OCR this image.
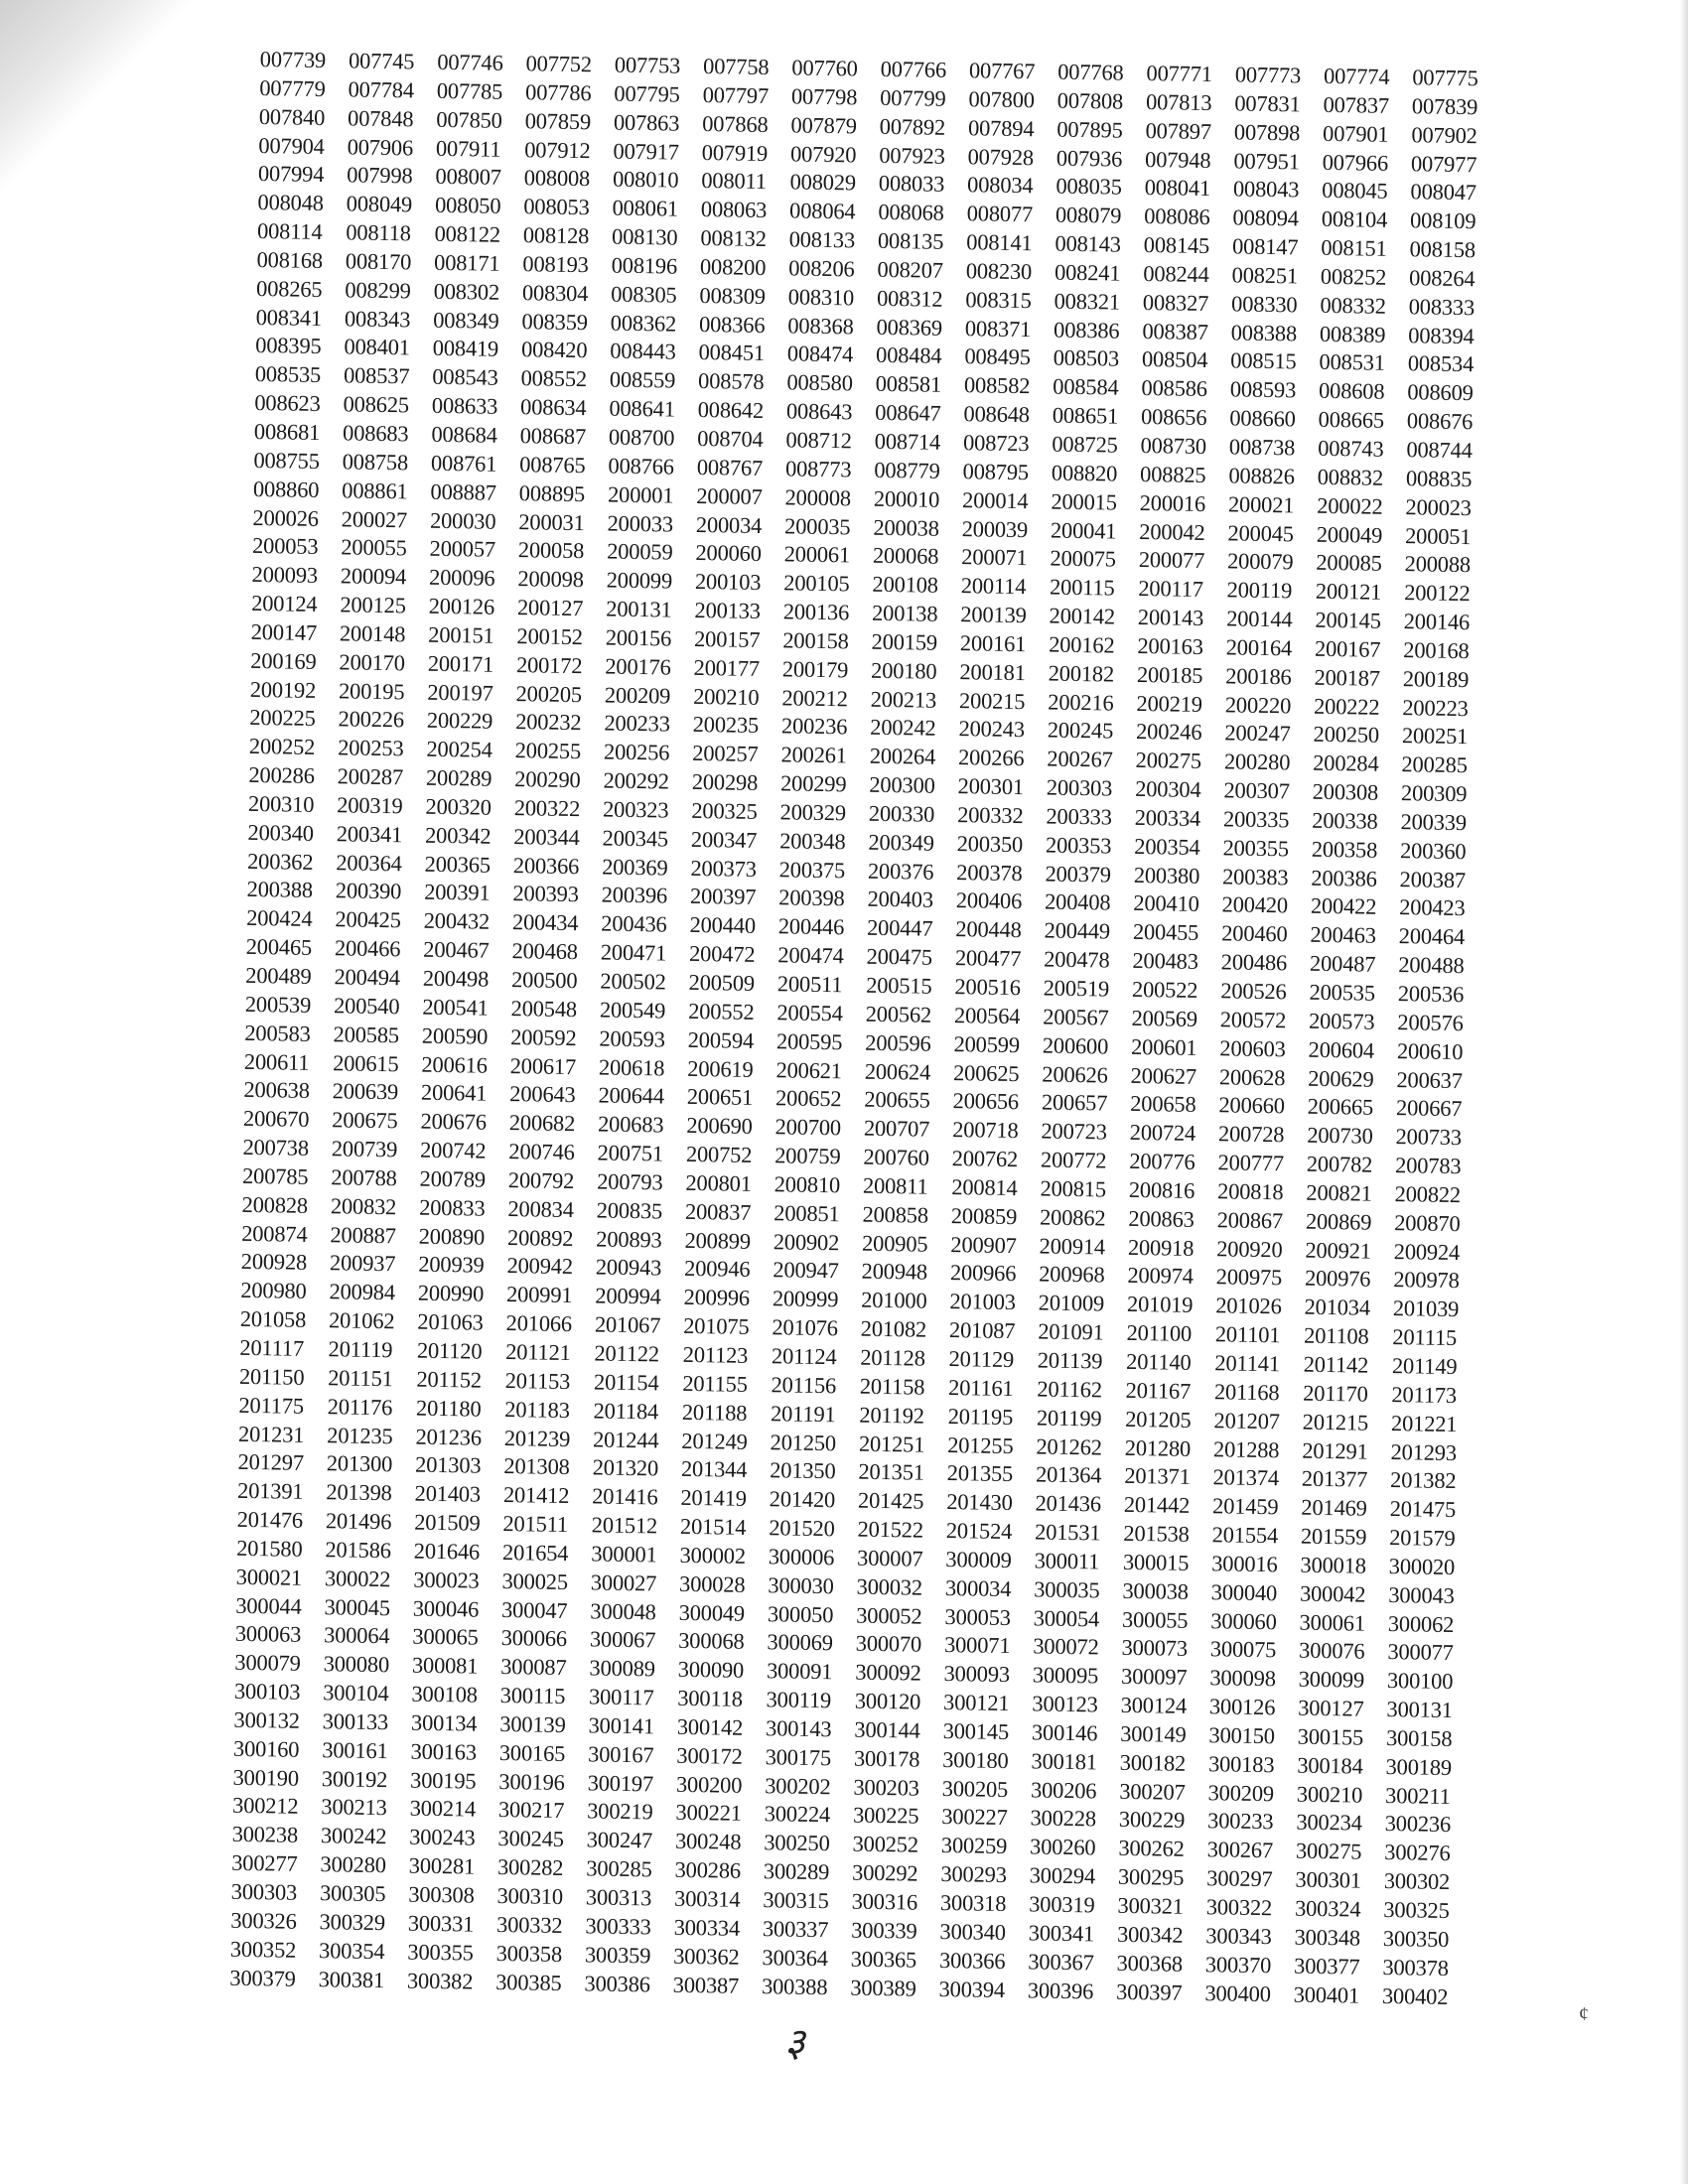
007739	007745	007746	007752	007753	007758	007760	007766	007767	007768	007771	007773	007774	007775
007779	007784	007785	007786	007795	007797	007798	007799	007800	007808	007813	007831	007837	007839
007840	007848	007850	007859	007863	007868	007879	007892	007894	007895	007897	007898	007901	007902
007904	007906	007911	007912	007917	007919	007920	007923	007928	007936	007948	007951	007966	007977
007994	007998	008007	008008	008010	008011	008029	008033	008034	008035	008041	008043	008045	008047
008048	008049	008050	008053	008061	008063	008064	008068	008077	008079	008086	008094	008104	008109
008114	008118	008122	008128	008130	008132	008133	008135	008141	008143	008145	008147	008151	008158
008168	008170	008171	008193	008196	008200	008206	008207	008230	008241	008244	008251	008252	008264
008265	008299	008302	008304	008305	008309	008310	008312	008315	008321	008327	008330	008332	008333
008341	008343	008349	008359	008362	008366	008368	008369	008371	008386	008387	008388	008389	008394
008395	008401	008419	008420	008443	008451	008474	008484	008495	008503	008504	008515	008531	008534
008535	008537	008543	008552	008559	008578	008580	008581	008582	008584	008586	008593	008608	008609
008623	008625	008633	008634	008641	008642	008643	008647	008648	008651	008656	008660	008665	008676
008681	008683	008684	008687	008700	008704	008712	008714	008723	008725	008730	008738	008743	008744
008755	008758	008761	008765	008766	008767	008773	008779	008795	008820	008825	008826	008832	008835
008860	008861	008887	008895	200001	200007	200008	200010	200014	200015	200016	200021	200022	200023
200026	200027	200030	200031	200033	200034	200035	200038	200039	200041	200042	200045	200049	200051
200053	200055	200057	200058	200059	200060	200061	200068	200071	200075	200077	200079	200085	200088
200093	200094	200096	200098	200099	200103	200105	200108	200114	200115	200117	200119	200121	200122
200124	200125	200126	200127	200131	200133	200136	200138	200139	200142	200143	200144	200145	200146
200147	200148	200151	200152	200156	200157	200158	200159	200161	200162	200163	200164	200167	200168
200169	200170	200171	200172	200176	200177	200179	200180	200181	200182	200185	200186	200187	200189
200192	200195	200197	200205	200209	200210	200212	200213	200215	200216	200219	200220	200222	200223
200225	200226	200229	200232	200233	200235	200236	200242	200243	200245	200246	200247	200250	200251
200252	200253	200254	200255	200256	200257	200261	200264	200266	200267	200275	200280	200284	200285
200286	200287	200289	200290	200292	200298	200299	200300	200301	200303	200304	200307	200308	200309
200310	200319	200320	200322	200323	200325	200329	200330	200332	200333	200334	200335	200338	200339
200340	200341	200342	200344	200345	200347	200348	200349	200350	200353	200354	200355	200358	200360
200362	200364	200365	200366	200369	200373	200375	200376	200378	200379	200380	200383	200386	200387
200388	200390	200391	200393	200396	200397	200398	200403	200406	200408	200410	200420	200422	200423
200424	200425	200432	200434	200436	200440	200446	200447	200448	200449	200455	200460	200463	200464
200465	200466	200467	200468	200471	200472	200474	200475	200477	200478	200483	200486	200487	200488
200489	200494	200498	200500	200502	200509	200511	200515	200516	200519	200522	200526	200535	200536
200539	200540	200541	200548	200549	200552	200554	200562	200564	200567	200569	200572	200573	200576
200583	200585	200590	200592	200593	200594	200595	200596	200599	200600	200601	200603	200604	200610
200611	200615	200616	200617	200618	200619	200621	200624	200625	200626	200627	200628	200629	200637
200638	200639	200641	200643	200644	200651	200652	200655	200656	200657	200658	200660	200665	200667
200670	200675	200676	200682	200683	200690	200700	200707	200718	200723	200724	200728	200730	200733
200738	200739	200742	200746	200751	200752	200759	200760	200762	200772	200776	200777	200782	200783
200785	200788	200789	200792	200793	200801	200810	200811	200814	200815	200816	200818	200821	200822
200828	200832	200833	200834	200835	200837	200851	200858	200859	200862	200863	200867	200869	200870
200874	200887	200890	200892	200893	200899	200902	200905	200907	200914	200918	200920	200921	200924
200928	200937	200939	200942	200943	200946	200947	200948	200966	200968	200974	200975	200976	200978
200980	200984	200990	200991	200994	200996	200999	201000	201003	201009	201019	201026	201034	201039
201058	201062	201063	201066	201067	201075	201076	201082	201087	201091	201100	201101	201108	201115
201117	201119	201120	201121	201122	201123	201124	201128	201129	201139	201140	201141	201142	201149
201150	201151	201152	201153	201154	201155	201156	201158	201161	201162	201167	201168	201170	201173
201175	201176	201180	201183	201184	201188	201191	201192	201195	201199	201205	201207	201215	201221
201231	201235	201236	201239	201244	201249	201250	201251	201255	201262	201280	201288	201291	201293
201297	201300	201303	201308	201320	201344	201350	201351	201355	201364	201371	201374	201377	201382
201391	201398	201403	201412	201416	201419	201420	201425	201430	201436	201442	201459	201469	201475
201476	201496	201509	201511	201512	201514	201520	201522	201524	201531	201538	201554	201559	201579
201580	201586	201646	201654	300001	300002	300006	300007	300009	300011	300015	300016	300018	300020
300021	300022	300023	300025	300027	300028	300030	300032	300034	300035	300038	300040	300042	300043
300044	300045	300046	300047	300048	300049	300050	300052	300053	300054	300055	300060	300061	300062
300063	300064	300065	300066	300067	300068	300069	300070	300071	300072	300073	300075	300076	300077
300079	300080	300081	300087	300089	300090	300091	300092	300093	300095	300097	300098	300099	300100
300103	300104	300108	300115	300117	300118	300119	300120	300121	300123	300124	300126	300127	300131
300132	300133	300134	300139	300141	300142	300143	300144	300145	300146	300149	300150	300155	300158
300160	300161	300163	300165	300167	300172	300175	300178	300180	300181	300182	300183	300184	300189
300190	300192	300195	300196	300197	300200	300202	300203	300205	300206	300207	300209	300210	300211
300212	300213	300214	300217	300219	300221	300224	300225	300227	300228	300229	300233	300234	300236
300238	300242	300243	300245	300247	300248	300250	300252	300259	300260	300262	300267	300275	300276
300277	300280	300281	300282	300285	300286	300289	300292	300293	300294	300295	300297	300301	300302
300303	300305	300308	300310	300313	300314	300315	300316	300318	300319	300321	300322	300324	300325
300326	300329	300331	300332	300333	300334	300337	300339	300340	300341	300342	300343	300348	300350
300352	300354	300355	300358	300359	300362	300364	300365	300366	300367	300368	300370	300377	300378
300379	300381	300382	300385	300386	300387	300388	300389	300394	300396	300397	300400	300401	300402
३
¢
